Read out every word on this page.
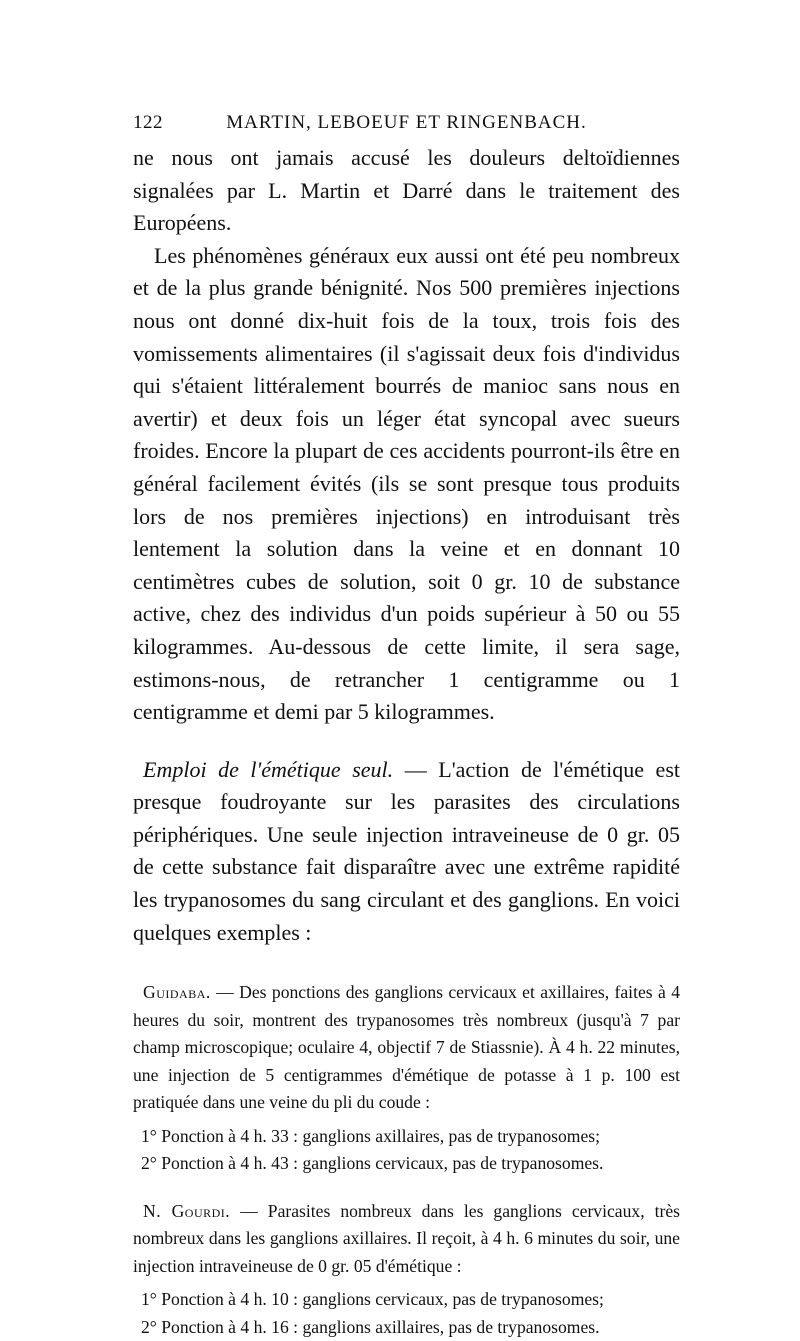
122	MARTIN, LEBOEUF ET RINGENBACH.

ne nous ont jamais accusé les douleurs deltoïdiennes signalées par L. Martin et Darré dans le traitement des Européens.

Les phénomènes généraux eux aussi ont été peu nombreux et de la plus grande bénignité. Nos 500 premières injections nous ont donné dix-huit fois de la toux, trois fois des vomissements alimentaires (il s'agissait deux fois d'individus qui s'étaient littéralement bourrés de manioc sans nous en avertir) et deux fois un léger état syncopal avec sueurs froides. Encore la plupart de ces accidents pourront-ils être en général facilement évités (ils se sont presque tous produits lors de nos premières injections) en introduisant très lentement la solution dans la veine et en donnant 10 centimètres cubes de solution, soit 0 gr. 10 de substance active, chez des individus d'un poids supérieur à 50 ou 55 kilogrammes. Au-dessous de cette limite, il sera sage, estimons-nous, de retrancher 1 centigramme ou 1 centigramme et demi par 5 kilogrammes.

Emploi de l'émétique seul. — L'action de l'émétique est presque foudroyante sur les parasites des circulations périphériques. Une seule injection intraveineuse de 0 gr. 05 de cette substance fait disparaître avec une extrême rapidité les trypanosomes du sang circulant et des ganglions. En voici quelques exemples :

Guidaba. — Des ponctions des ganglions cervicaux et axillaires, faites à 4 heures du soir, montrent des trypanosomes très nombreux (jusqu'à 7 par champ microscopique; oculaire 4, objectif 7 de Stiassnie). À 4 h. 22 minutes, une injection de 5 centigrammes d'émétique de potasse à 1 p. 100 est pratiquée dans une veine du pli du coude :

1° Ponction à 4 h. 33 : ganglions axillaires, pas de trypanosomes;
2° Ponction à 4 h. 43 : ganglions cervicaux, pas de trypanosomes.

N. Gourdi. — Parasites nombreux dans les ganglions cervicaux, très nombreux dans les ganglions axillaires. Il reçoit, à 4 h. 6 minutes du soir, une injection intraveineuse de 0 gr. 05 d'émétique :

1° Ponction à 4 h. 10 : ganglions cervicaux, pas de trypanosomes;
2° Ponction à 4 h. 16 : ganglions axillaires, pas de trypanosomes.
